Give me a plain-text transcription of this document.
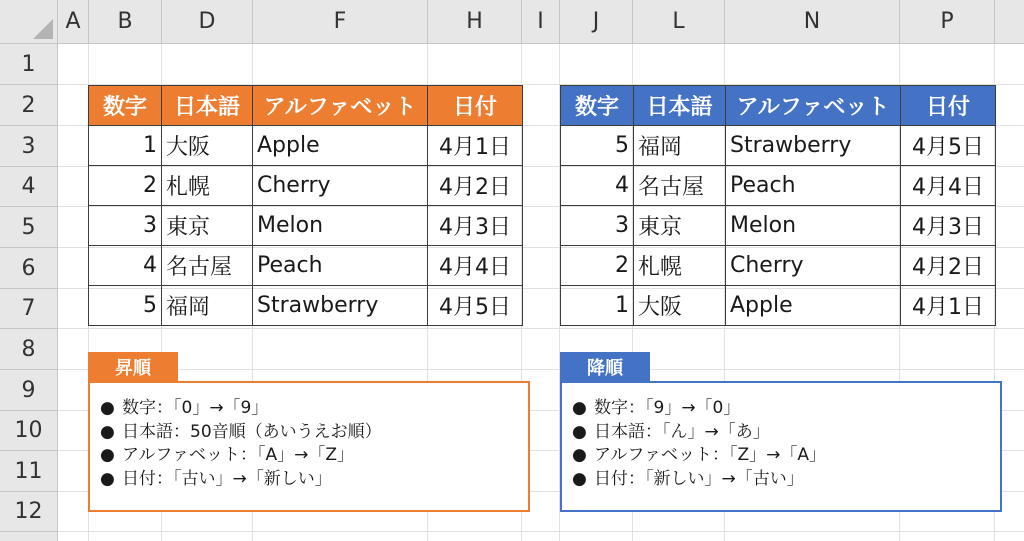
A	B	D	F	H	I	J	L	N	P
1
2
3
4
5
6
7
8
9
10
11
12
数字	日本語	アルファベット	日付
1	大阪	Apple	4月1日
2	札幌	Cherry	4月2日
3	東京	Melon	4月3日
4	名古屋	Peach	4月4日
5	福岡	Strawberry	4月5日
数字	日本語	アルファベット	日付
5	福岡	Strawberry	4月5日
4	名古屋	Peach	4月4日
3	東京	Melon	4月3日
2	札幌	Cherry	4月2日
1	大阪	Apple	4月1日
● 数字：「0」→「9」
● 日本語：50音順（あいうえお順）
● アルファベット：「A」→「Z」
● 日付：「古い」→「新しい」
昇順
● 数字：「9」→「0」
● 日本語：「ん」→「あ」
● アルファベット：「Z」→「A」
● 日付：「新しい」→「古い」
降順
